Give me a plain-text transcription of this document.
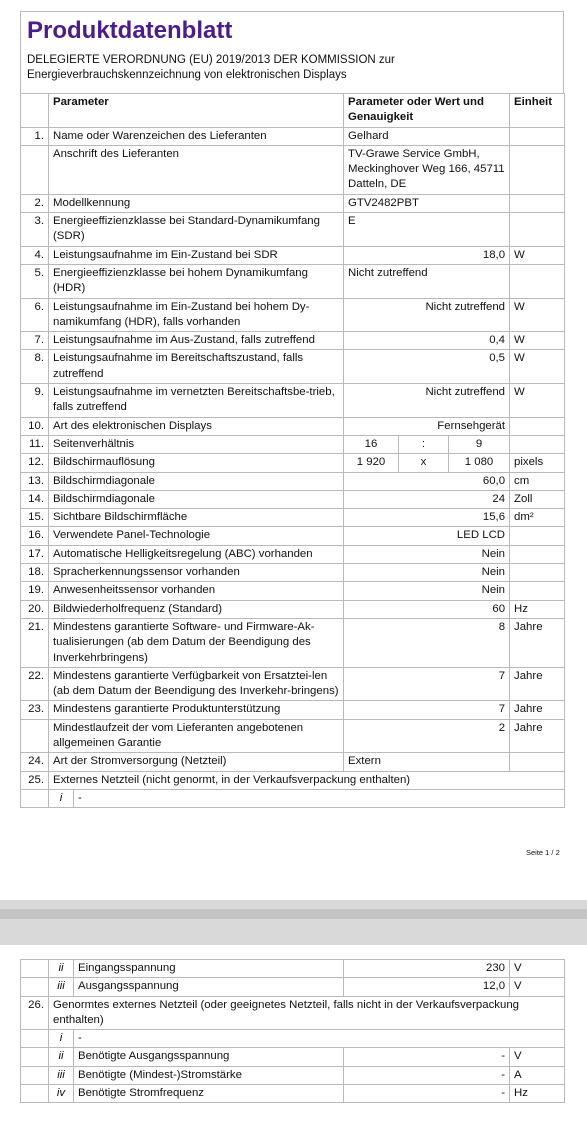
Produktdatenblatt
DELEGIERTE VERORDNUNG (EU) 2019/2013 DER KOMMISSION zur Energieverbrauchskennzeichnung von elektronischen Displays
	Parameter		Parameter oder Wert und Genauigkeit			Einheit
1.	Name oder Warenzeichen des Lieferanten		Gelhard			
	Anschrift des Lieferanten		TV-Grawe Service GmbH, Meckinghover Weg 166, 45711 Datteln, DE			
2.	Modellkennung		GTV2482PBT			
3.	Energieeffizienzklasse bei Standard-Dynamikumfang (SDR)		E			
4.	Leistungsaufnahme im Ein-Zustand bei SDR		18,0			W
5.	Energieeffizienzklasse bei hohem Dynamikumfang (HDR)		Nicht zutreffend			
6.	Leistungsaufnahme im Ein-Zustand bei hohem Dy-namikumfang (HDR), falls vorhanden		Nicht zutreffend			W
7.	Leistungsaufnahme im Aus-Zustand, falls zutreffend		0,4			W
8.	Leistungsaufnahme im Bereitschaftszustand, falls zutreffend		0,5			W
9.	Leistungsaufnahme im vernetzten Bereitschaftsbe-trieb, falls zutreffend		Nicht zutreffend			W
10.	Art des elektronischen Displays		Fernsehgerät			
11.	Seitenverhältnis		16	:	9	
12.	Bildschirmauflösung		1 920	x	1 080	pixels
13.	Bildschirmdiagonale		60,0			cm
14.	Bildschirmdiagonale		24			Zoll
15.	Sichtbare Bildschirmfläche		15,6			dm²
16.	Verwendete Panel-Technologie		LED LCD			
17.	Automatische Helligkeitsregelung (ABC) vorhanden		Nein			
18.	Spracherkennungssensor vorhanden		Nein			
19.	Anwesenheitssensor vorhanden		Nein			
20.	Bildwiederholfrequenz (Standard)		60			Hz
21.	Mindestens garantierte Software- und Firmware-Ak-tualisierungen (ab dem Datum der Beendigung des Inverkehrbringens)		8			Jahre
22.	Mindestens garantierte Verfügbarkeit von Ersatztei-len (ab dem Datum der Beendigung des Inverkehr-bringens)		7			Jahre
23.	Mindestens garantierte Produktunterstützung		7			Jahre
	Mindestlaufzeit der vom Lieferanten angebotenen allgemeinen Garantie		2			Jahre
24.	Art der Stromversorgung (Netzteil)		Extern			
25.	Externes Netzteil (nicht genormt, in der Verkaufsverpackung enthalten)					
	i	-				
Seite 1 / 2
	ii	Eingangsspannung	230	V
	iii	Ausgangsspannung	12,0	V
26.	Genormtes externes Netzteil (oder geeignetes Netzteil, falls nicht in der Verkaufsverpackung enthalten)			
	i	-		
	ii	Benötigte Ausgangsspannung	-	V
	iii	Benötigte (Mindest-)Stromstärke	-	A
	iv	Benötigte Stromfrequenz	-	Hz
